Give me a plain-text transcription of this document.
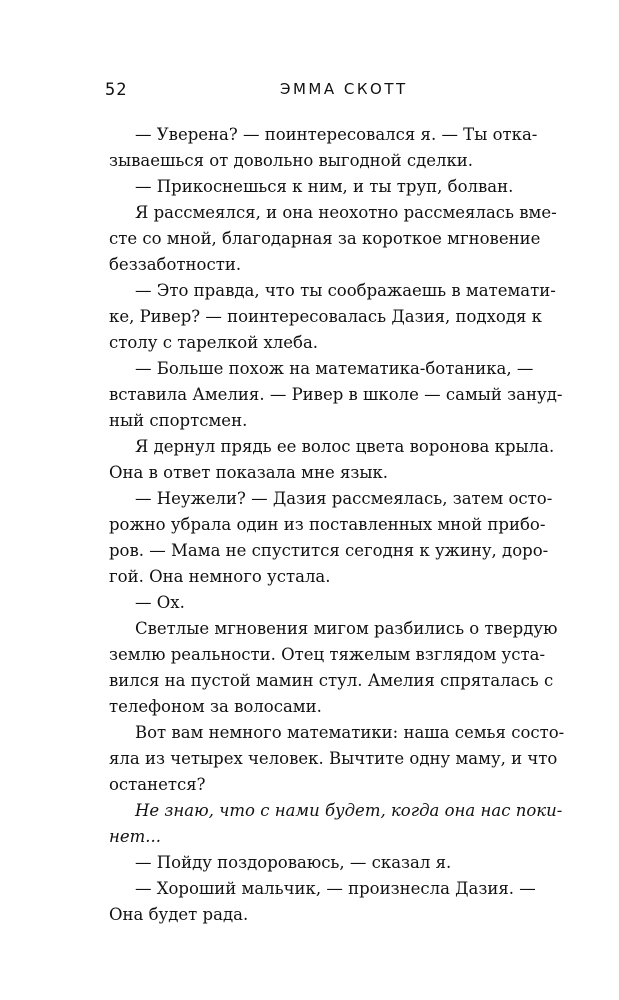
52	ЭММА СКОТТ
— Уверена? — поинтересовался я. — Ты отка-
зываешься от довольно выгодной сделки.
— Прикоснешься к ним, и ты труп, болван.
Я рассмеялся, и она неохотно рассмеялась вме-
сте со мной, благодарная за короткое мгновение
беззаботности.
— Это правда, что ты соображаешь в математи-
ке, Ривер? — поинтересовалась Дазия, подходя к
столу с тарелкой хлеба.
— Больше похож на математика-ботаника, —
вставила Амелия. — Ривер в школе — самый зануд-
ный спортсмен.
Я дернул прядь ее волос цвета воронова крыла.
Она в ответ показала мне язык.
— Неужели? — Дазия рассмеялась, затем осто-
рожно убрала один из поставленных мной прибо-
ров. — Мама не спустится сегодня к ужину, доро-
гой. Она немного устала.
— Ох.
Светлые мгновения мигом разбились о твердую
землю реальности. Отец тяжелым взглядом уста-
вился на пустой мамин стул. Амелия спряталась с
телефоном за волосами.
Вот вам немного математики: наша семья состо-
яла из четырех человек. Вычтите одну маму, и что
останется?
Не знаю, что с нами будет, когда она нас поки-
нет...
— Пойду поздороваюсь, — сказал я.
— Хороший мальчик, — произнесла Дазия. —
Она будет рада.
